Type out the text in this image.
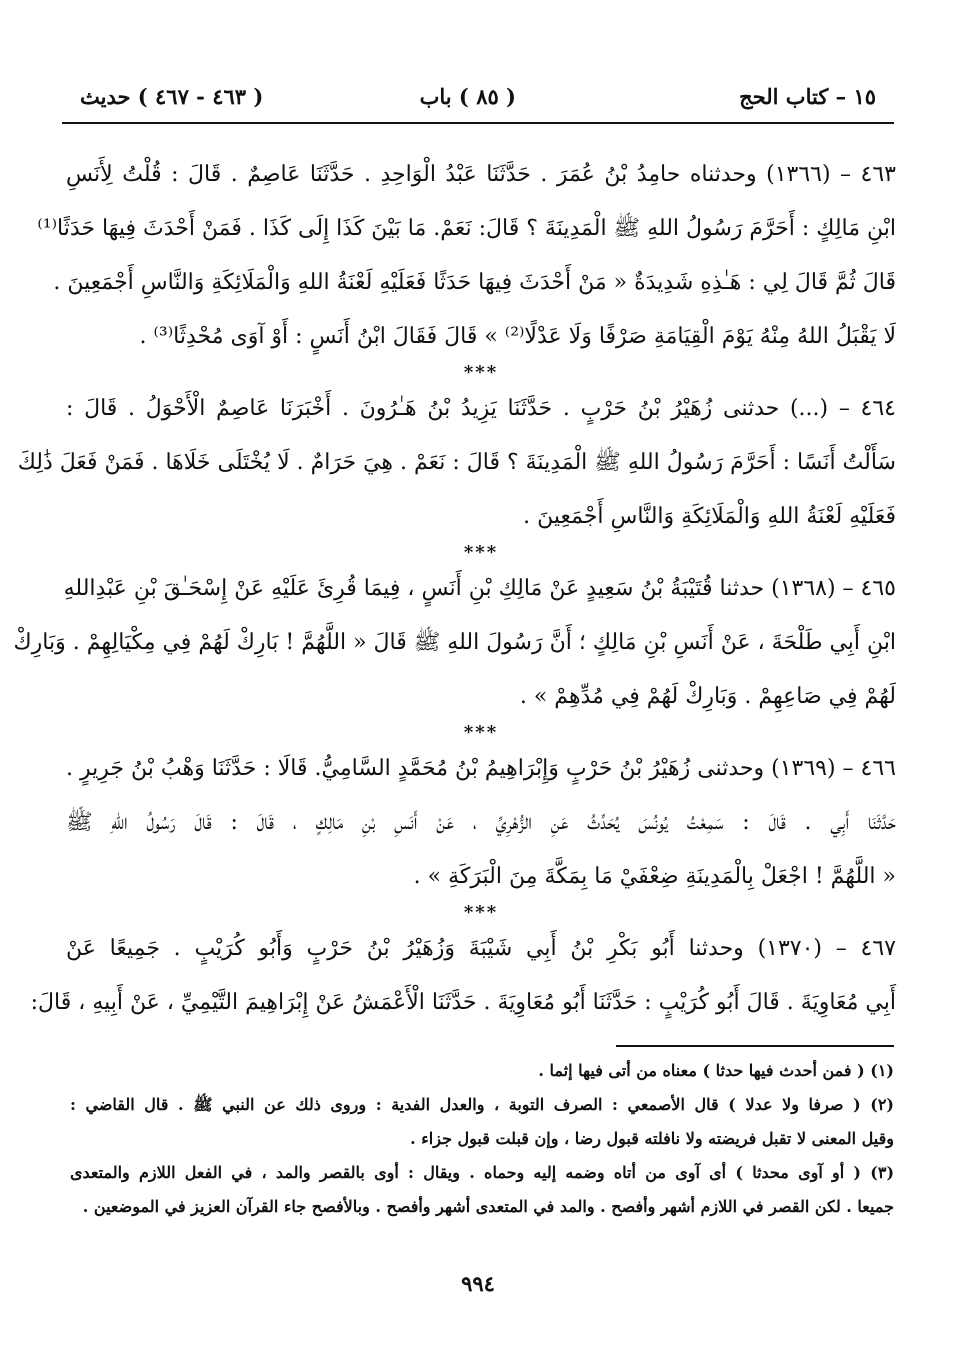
١٥ – كتاب الحج
( ٨٥ ) باب
( ٤٦٣ - ٤٦٧ ) حديث
٤٦٣ – (١٣٦٦) وحدثناه حامِدُ بْنُ عُمَرَ . حَدَّثَنَا عَبْدُ الْوَاحِدِ . حَدَّثَنَا عَاصِمٌ . قَالَ : قُلْتُ لِأَنَسِ
ابْنِ مَالِكٍ : أَحَرَّمَ رَسُولُ اللهِ ﷺ الْمَدِينَةَ ؟ قَالَ: نَعَمْ. مَا بَيْنَ كَذَا إِلَى كَذَا . فَمَنْ أَحْدَثَ فِيهَا حَدَثًا⁽¹⁾
قَالَ ثُمَّ قَالَ لِي : هَـٰذِهِ شَدِيدَةٌ « مَنْ أَحْدَثَ فِيهَا حَدَثًا فَعَلَيْهِ لَعْنَةُ اللهِ وَالْمَلَائِكَةِ وَالنَّاسِ أَجْمَعِينَ .
لَا يَقْبَلُ اللهُ مِنْهُ يَوْمَ الْقِيَامَةِ صَرْفًا وَلَا عَدْلًا⁽²⁾ » قَالَ فَقَالَ ابْنُ أَنَسٍ : أَوْ آوَى مُحْدِثًا⁽³⁾ .
***
٤٦٤ – (...) حدثنى زُهَيْرُ بْنُ حَرْبٍ . حَدَّثَنَا يَزِيدُ بْنُ هَـٰرُونَ . أَخْبَرَنَا عَاصِمٌ الْأَحْوَلُ . قَالَ :
سَأَلْتُ أَنَسًا : أَحَرَّمَ رَسُولُ اللهِ ﷺ الْمَدِينَةَ ؟ قَالَ : نَعَمْ . هِيَ حَرَامٌ . لَا يُخْتَلَى خَلَاهَا . فَمَنْ فَعَلَ ذَٰلِكَ
فَعَلَيْهِ لَعْنَةُ اللهِ وَالْمَلَائِكَةِ وَالنَّاسِ أَجْمَعِينَ .
***
٤٦٥ – (١٣٦٨) حدثنا قُتَيْبَةُ بْنُ سَعِيدٍ عَنْ مَالِكِ بْنِ أَنَسٍ ، فِيمَا قُرِئَ عَلَيْهِ عَنْ إِسْحَـٰقَ بْنِ عَبْدِاللهِ
ابْنِ أَبِي طَلْحَةَ ، عَنْ أَنَسِ بْنِ مَالِكٍ ؛ أَنَّ رَسُولَ اللهِ ﷺ قَالَ « اللَّهُمَّ ! بَارِكْ لَهُمْ فِي مِكْيَالِهِمْ . وَبَارِكْ
لَهُمْ فِي صَاعِهِمْ . وَبَارِكْ لَهُمْ فِي مُدِّهِمْ » .
***
٤٦٦ – (١٣٦٩) وحدثنى زُهَيْرُ بْنُ حَرْبٍ وَإِبْرَاهِيمُ بْنُ مُحَمَّدٍ السَّامِيُّ. قَالَا : حَدَّثَنَا وَهْبُ بْنُ جَرِيرٍ .
حَدَّثَنَا أَبِي . قَالَ : سَمِعْتُ يُونُسَ يُحَدِّثُ عَنِ الزُّهْرِيِّ ، عَنْ أَنَسِ بْنِ مَالِكٍ ، قَالَ : قَالَ رَسُولُ اللهِ ﷺ
« اللَّهُمَّ ! اجْعَلْ بِالْمَدِينَةِ ضِعْفَيْ مَا بِمَكَّةَ مِنَ الْبَرَكَةِ » .
***
٤٦٧ – (١٣٧٠) وحدثنا أَبُو بَكْرِ بْنُ أَبِي شَيْبَةَ وَزُهَيْرُ بْنُ حَرْبٍ وَأَبُو كُرَيْبٍ . جَمِيعًا عَنْ
أَبِي مُعَاوِيَةَ . قَالَ أَبُو كُرَيْبٍ : حَدَّثَنَا أَبُو مُعَاوِيَةَ . حَدَّثَنَا الْأَعْمَشُ عَنْ إِبْرَاهِيمَ التَّيْمِيِّ ، عَنْ أَبِيهِ ، قَالَ:
(١) ( فمن أحدث فيها حدثا ) معناه من أتى فيها إثما .
(٢) ( صرفا ولا عدلا ) قال الأصمعي : الصرف التوبة ، والعدل الفدية : وروى ذلك عن النبي ﷺ . قال القاضي :
وقيل المعنى لا تقبل فريضته ولا نافلته قبول رضا ، وإن قبلت قبول جزاء .
(٣) ( أو آوى محدثا ) أى آوى من أتاه وضمه إليه وحماه . ويقال : أوى بالقصر والمد ، في الفعل اللازم والمتعدى
جميعا . لكن القصر في اللازم أشهر وأفصح . والمد في المتعدى أشهر وأفصح . وبالأفصح جاء القرآن العزيز في الموضعين .
٩٩٤
